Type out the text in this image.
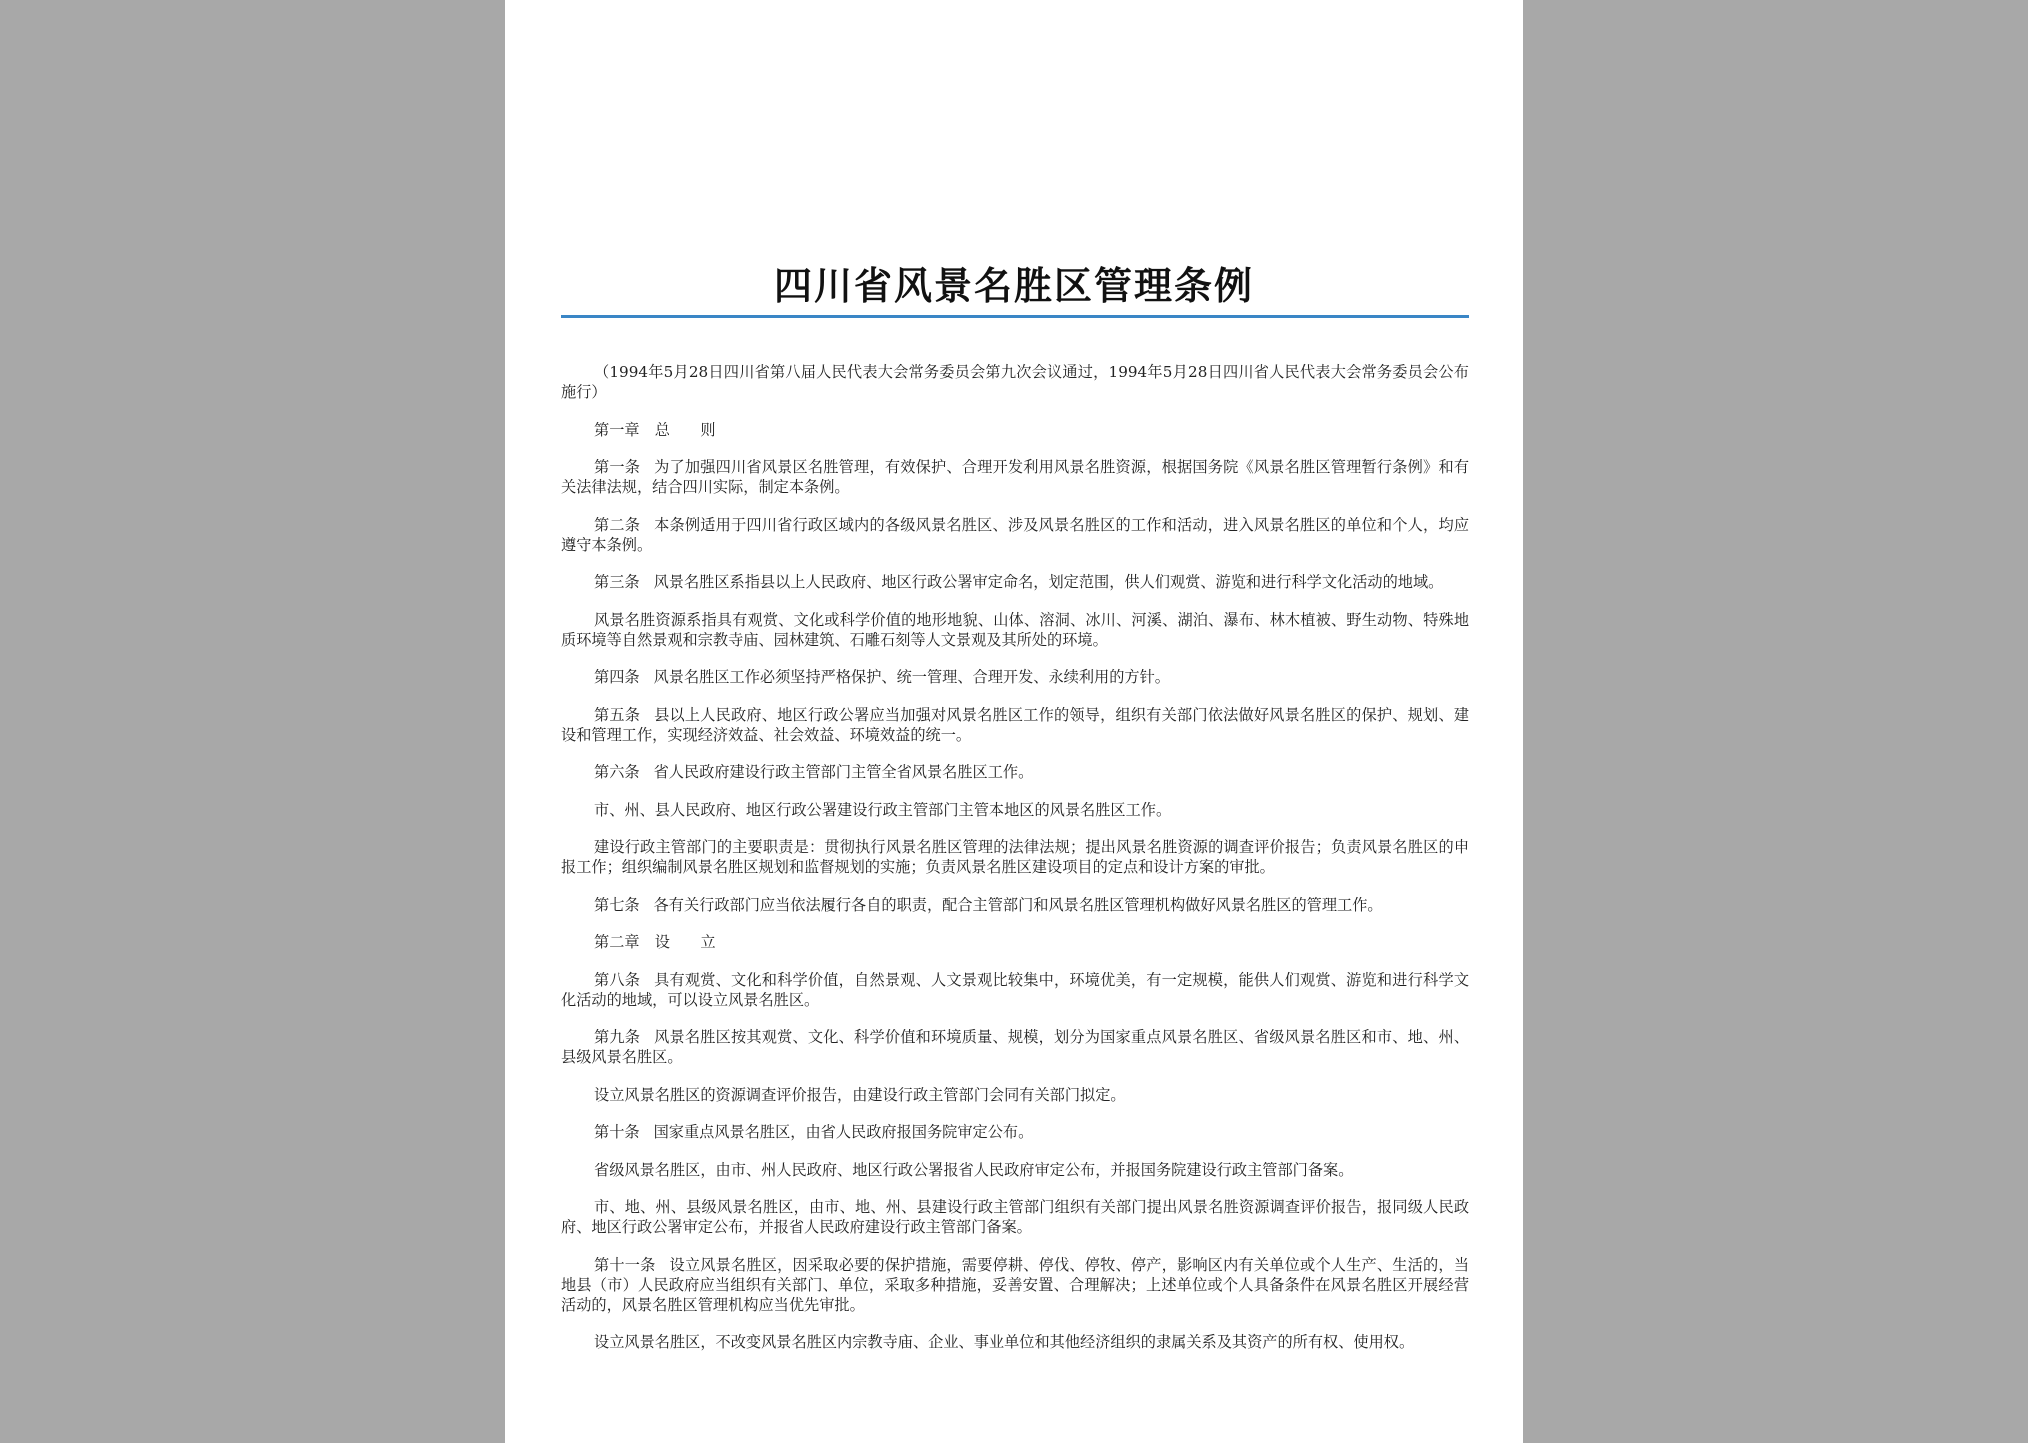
四川省风景名胜区管理条例

（1994年5月28日四川省第八届人民代表大会常务委员会第九次会议通过，1994年5月28日四川省人民代表大会常务委员会公布施行）

第一章　总　　则

第一条 为了加强四川省风景区名胜管理，有效保护、合理开发利用风景名胜资源，根据国务院《风景名胜区管理暂行条例》和有关法律法规，结合四川实际，制定本条例。

第二条 本条例适用于四川省行政区域内的各级风景名胜区、涉及风景名胜区的工作和活动，进入风景名胜区的单位和个人，均应遵守本条例。

第三条 风景名胜区系指县以上人民政府、地区行政公署审定命名，划定范围，供人们观赏、游览和进行科学文化活动的地域。

风景名胜资源系指具有观赏、文化或科学价值的地形地貌、山体、溶洞、冰川、河溪、湖泊、瀑布、林木植被、野生动物、特殊地质环境等自然景观和宗教寺庙、园林建筑、石雕石刻等人文景观及其所处的环境。

第四条 风景名胜区工作必须坚持严格保护、统一管理、合理开发、永续利用的方针。

第五条 县以上人民政府、地区行政公署应当加强对风景名胜区工作的领导，组织有关部门依法做好风景名胜区的保护、规划、建设和管理工作，实现经济效益、社会效益、环境效益的统一。

第六条 省人民政府建设行政主管部门主管全省风景名胜区工作。

市、州、县人民政府、地区行政公署建设行政主管部门主管本地区的风景名胜区工作。

建设行政主管部门的主要职责是：贯彻执行风景名胜区管理的法律法规；提出风景名胜资源的调查评价报告；负责风景名胜区的申报工作；组织编制风景名胜区规划和监督规划的实施；负责风景名胜区建设项目的定点和设计方案的审批。

第七条 各有关行政部门应当依法履行各自的职责，配合主管部门和风景名胜区管理机构做好风景名胜区的管理工作。

第二章　设　　立

第八条 具有观赏、文化和科学价值，自然景观、人文景观比较集中，环境优美，有一定规模，能供人们观赏、游览和进行科学文化活动的地域，可以设立风景名胜区。

第九条 风景名胜区按其观赏、文化、科学价值和环境质量、规模，划分为国家重点风景名胜区、省级风景名胜区和市、地、州、县级风景名胜区。

设立风景名胜区的资源调查评价报告，由建设行政主管部门会同有关部门拟定。

第十条 国家重点风景名胜区，由省人民政府报国务院审定公布。

省级风景名胜区，由市、州人民政府、地区行政公署报省人民政府审定公布，并报国务院建设行政主管部门备案。

市、地、州、县级风景名胜区，由市、地、州、县建设行政主管部门组织有关部门提出风景名胜资源调查评价报告，报同级人民政府、地区行政公署审定公布，并报省人民政府建设行政主管部门备案。

第十一条 设立风景名胜区，因采取必要的保护措施，需要停耕、停伐、停牧、停产，影响区内有关单位或个人生产、生活的，当地县（市）人民政府应当组织有关部门、单位，采取多种措施，妥善安置、合理解决；上述单位或个人具备条件在风景名胜区开展经营活动的，风景名胜区管理机构应当优先审批。

设立风景名胜区，不改变风景名胜区内宗教寺庙、企业、事业单位和其他经济组织的隶属关系及其资产的所有权、使用权。
